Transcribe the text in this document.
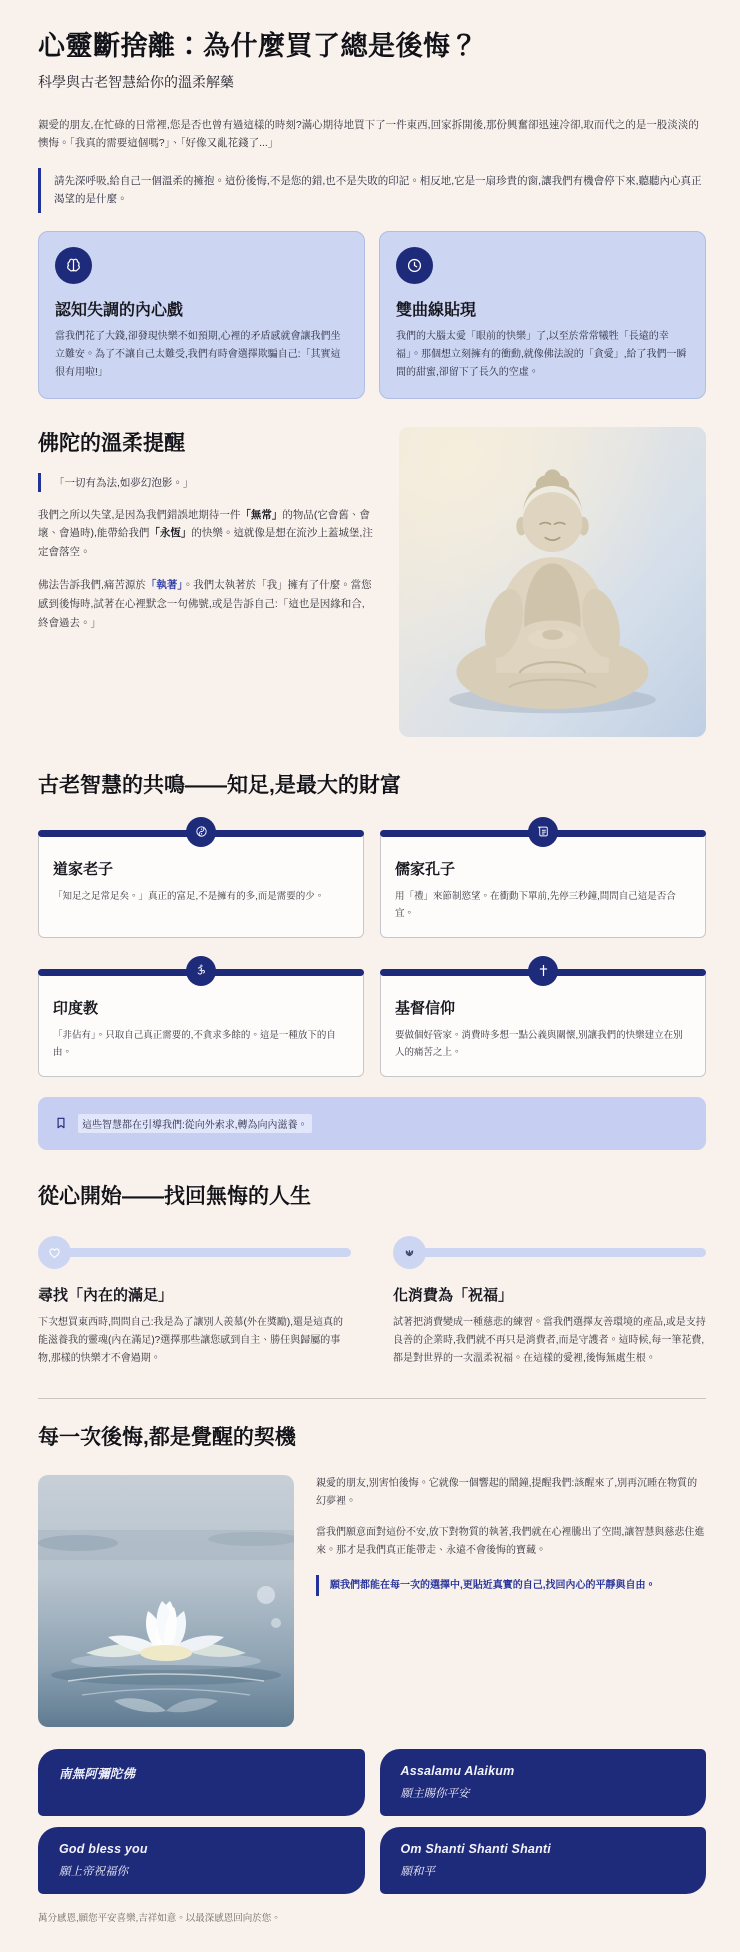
心靈斷捨離：為什麼買了總是後悔？
科學與古老智慧給你的溫柔解藥

親愛的朋友,在忙碌的日常裡,您是否也曾有過這樣的時刻?滿心期待地買下了一件東西,回家拆開後,那份興奮卻迅速冷卻,取而代之的是一股淡淡的懊悔。「我真的需要這個嗎?」、「好像又亂花錢了...」

請先深呼吸,給自己一個溫柔的擁抱。這份後悔,不是您的錯,也不是失敗的印記。相反地,它是一扇珍貴的窗,讓我們有機會停下來,聽聽內心真正渴望的是什麼。
認知失調的內心戲

當我們花了大錢,卻發現快樂不如預期,心裡的矛盾感就會讓我們坐立難安。為了不讓自己太難受,我們有時會選擇欺騙自己:「其實這很有用啦!」

雙曲線貼現

我們的大腦太愛「眼前的快樂」了,以至於常常犧牲「長遠的幸福」。那個想立刻擁有的衝動,就像佛法說的「貪愛」,給了我們一瞬間的甜蜜,卻留下了長久的空虛。

佛陀的溫柔提醒
「一切有為法,如夢幻泡影。」

我們之所以失望,是因為我們錯誤地期待一件「無常」的物品(它會舊、會壞、會過時),能帶給我們「永恆」的快樂。這就像是想在流沙上蓋城堡,注定會落空。

佛法告訴我們,痛苦源於「執著」。我們太執著於「我」擁有了什麼。當您感到後悔時,試著在心裡默念一句佛號,或是告訴自己:「這也是因緣和合,終會過去。」

古老智慧的共鳴——知足,是最大的財富
道家老子

「知足之足常足矣。」真正的富足,不是擁有的多,而是需要的少。

儒家孔子

用「禮」來節制慾望。在衝動下單前,先停三秒鐘,問問自己這是否合宜。

印度教

「非佔有」。只取自己真正需要的,不貪求多餘的。這是一種放下的自由。

基督信仰

要做個好管家。消費時多想一點公義與關懷,別讓我們的快樂建立在別人的痛苦之上。

這些智慧都在引導我們:從向外索求,轉為向內滋養。
從心開始——找回無悔的人生
尋找「內在的滿足」

下次想買東西時,問問自己:我是為了讓別人羨慕(外在獎勵),還是這真的能滋養我的靈魂(內在滿足)?選擇那些讓您感到自主、勝任與歸屬的事物,那樣的快樂才不會過期。

化消費為「祝福」

試著把消費變成一種慈悲的練習。當我們選擇友善環境的產品,或是支持良善的企業時,我們就不再只是消費者,而是守護者。這時候,每一筆花費,都是對世界的一次溫柔祝福。在這樣的愛裡,後悔無處生根。

每一次後悔,都是覺醒的契機

親愛的朋友,別害怕後悔。它就像一個響起的鬧鐘,提醒我們:該醒來了,別再沉睡在物質的幻夢裡。

當我們願意面對這份不安,放下對物質的執著,我們就在心裡騰出了空間,讓智慧與慈悲住進來。那才是我們真正能帶走、永遠不會後悔的寶藏。

願我們都能在每一次的選擇中,更貼近真實的自己,找回內心的平靜與自由。
南無阿彌陀佛	Assalamu Alaikum
願主賜你平安
God bless you
願上帝祝福你
Om Shanti Shanti Shanti
願和平
萬分感恩,願您平安喜樂,吉祥如意。以最深感恩回向於您。
